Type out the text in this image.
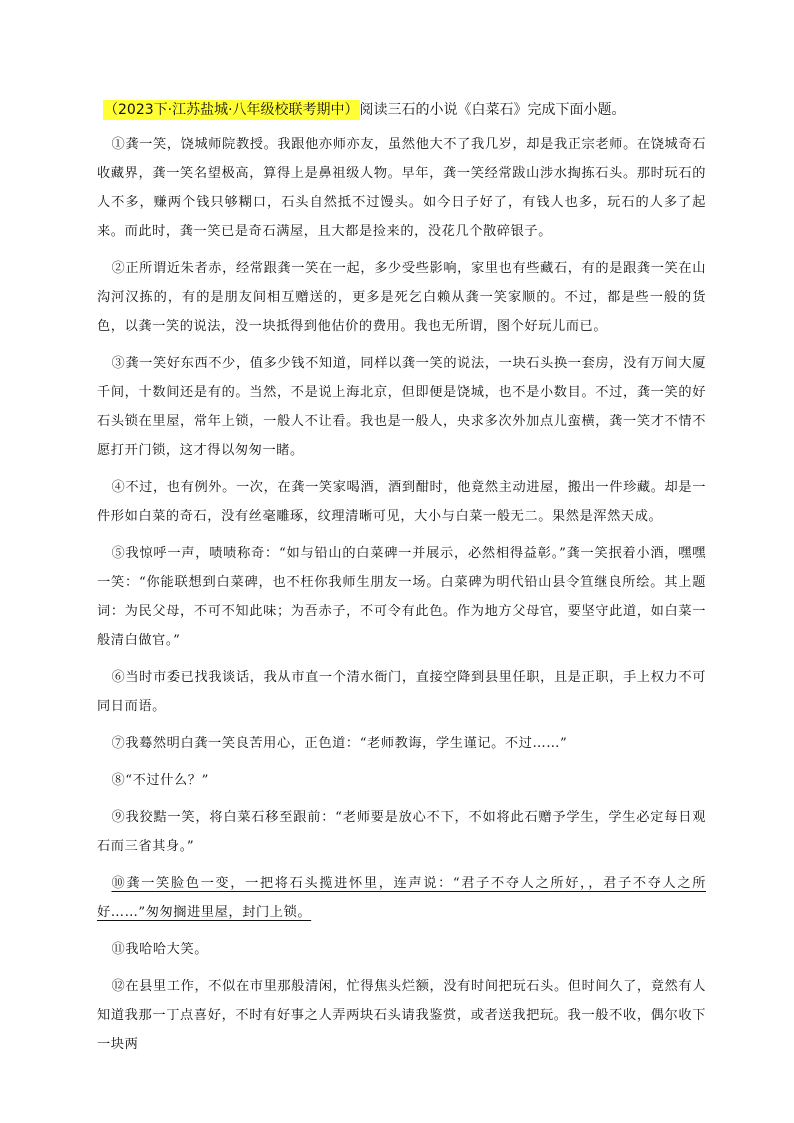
（2023下·江苏盐城·八年级校联考期中）阅读三石的小说《白菜石》完成下面小题。

①龚一笑，饶城师院教授。我跟他亦师亦友，虽然他大不了我几岁，却是我正宗老师。在饶城奇石收藏界，龚一笑名望极高，算得上是鼻祖级人物。早年，龚一笑经常跋山涉水掏拣石头。那时玩石的人不多，赚两个钱只够糊口，石头自然抵不过馒头。如今日子好了，有钱人也多，玩石的人多了起来。而此时，龚一笑已是奇石满屋，且大都是捡来的，没花几个散碎银子。

②正所谓近朱者赤，经常跟龚一笑在一起，多少受些影响，家里也有些藏石，有的是跟龚一笑在山沟河汉拣的，有的是朋友间相互赠送的，更多是死乞白赖从龚一笑家顺的。不过，都是些一般的货色，以龚一笑的说法，没一块抵得到他估价的费用。我也无所谓，图个好玩儿而已。

③龚一笑好东西不少，值多少钱不知道，同样以龚一笑的说法，一块石头换一套房，没有万间大厦千间，十数间还是有的。当然，不是说上海北京，但即便是饶城，也不是小数目。不过，龚一笑的好石头锁在里屋，常年上锁，一般人不让看。我也是一般人，央求多次外加点儿蛮横，龚一笑才不情不愿打开门锁，这才得以匆匆一睹。

④不过，也有例外。一次，在龚一笑家喝酒，酒到酣时，他竟然主动进屋，搬出一件珍藏。却是一件形如白菜的奇石，没有丝毫雕琢，纹理清晰可见，大小与白菜一般无二。果然是浑然天成。

⑤我惊呼一声，啧啧称奇：“如与铅山的白菜碑一并展示，必然相得益彰。”龚一笑抿着小酒，嘿嘿一笑：“你能联想到白菜碑，也不枉你我师生朋友一场。白菜碑为明代铅山县令笪继良所绘。其上题词：为民父母，不可不知此味；为吾赤子，不可令有此色。作为地方父母官，要坚守此道，如白菜一般清白做官。”

⑥当时市委已找我谈话，我从市直一个清水衙门，直接空降到县里任职，且是正职，手上权力不可同日而语。

⑦我蓦然明白龚一笑良苦用心，正色道：“老师教诲，学生谨记。不过……”

⑧“不过什么？”

⑨我狡黠一笑，将白菜石移至跟前：“老师要是放心不下，不如将此石赠予学生，学生必定每日观石而三省其身。”

⑩龚一笑脸色一变，一把将石头揽进怀里，连声说：“君子不夺人之所好，，君子不夺人之所好……”匆匆搁进里屋，封门上锁。

⑪我哈哈大笑。

⑫在县里工作，不似在市里那般清闲，忙得焦头烂额，没有时间把玩石头。但时间久了，竟然有人知道我那一丁点喜好，不时有好事之人弄两块石头请我鉴赏，或者送我把玩。我一般不收，偶尔收下一块两
